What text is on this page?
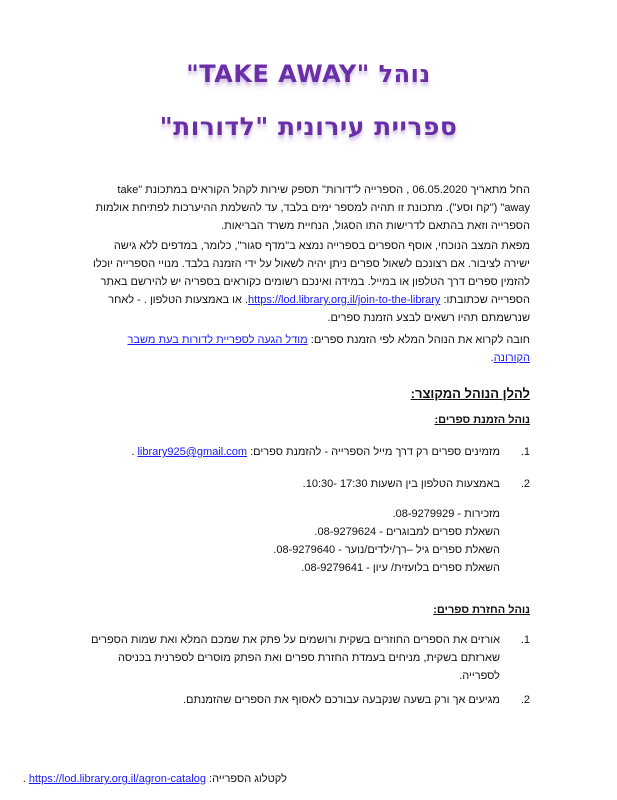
נוהל "TAKE AWAY"
ספריית עירונית "לדורות"
החל מתאריך 06.05.2020 , הספרייה ל"דורות" תספק שירות לקהל הקוראים במתכונת "take away" ("קח וסע"). מתכונת זו תהיה למספר ימים בלבד, עד להשלמת ההיערכות לפתיחת אולמות הספרייה וזאת בהתאם לדרישות התו הסגול, הנחיית משרד הבריאות.
מפאת המצב הנוכחי, אוסף הספרים בספרייה נמצא ב"מדף סגור", כלומר, במדפים ללא גישה ישירה לציבור. אם רצונכם לשאול ספרים ניתן יהיה לשאול על ידי הזמנה בלבד. מנויי הספרייה יוכלו להזמין ספרים דרך הטלפון או במייל. במידה ואינכם רשומים כקוראים בספריה יש להירשם באתר הספרייה שכתובתו: https://lod.library.org.il/join-to-the-library. או באמצעות הטלפון . - לאחר שנרשמתם תהיו רשאים לבצע הזמנת ספרים.
חובה לקרוא את הנוהל המלא לפי הזמנת ספרים: מודל הגעה לספריית לדורות בעת משבר הקורונה.
להלן הנוהל המקוצר:
נוהל הזמנת ספרים:
1.
מזמינים ספרים רק דרך מייל הספרייה - להזמנת ספרים: library925@gmail.com .
2.
באמצעות הטלפון בין השעות 17:30 -10:30.
מזכירות - 08-9279929.
השאלת ספרים למבוגרים - 08-9279624.
השאלת ספרים גיל –רך/ילדים/נוער - 08-9279640.
השאלת ספרים בלועזית/ עיון - 08-9279641.
נוהל החזרת ספרים:
1.
אורזים את הספרים החוזרים בשקית ורושמים על פתק את שמכם המלא ואת שמות הספרים שארזתם בשקית, מניחים בעמדת החזרת ספרים ואת הפתק מוסרים לספרנית בכניסה לספרייה.
2.
מגיעים אך ורק בשעה שנקבעה עבורכם לאסוף את הספרים שהזמנתם.
לקטלוג הספרייה: https://lod.library.org.il/agron-catalog .
